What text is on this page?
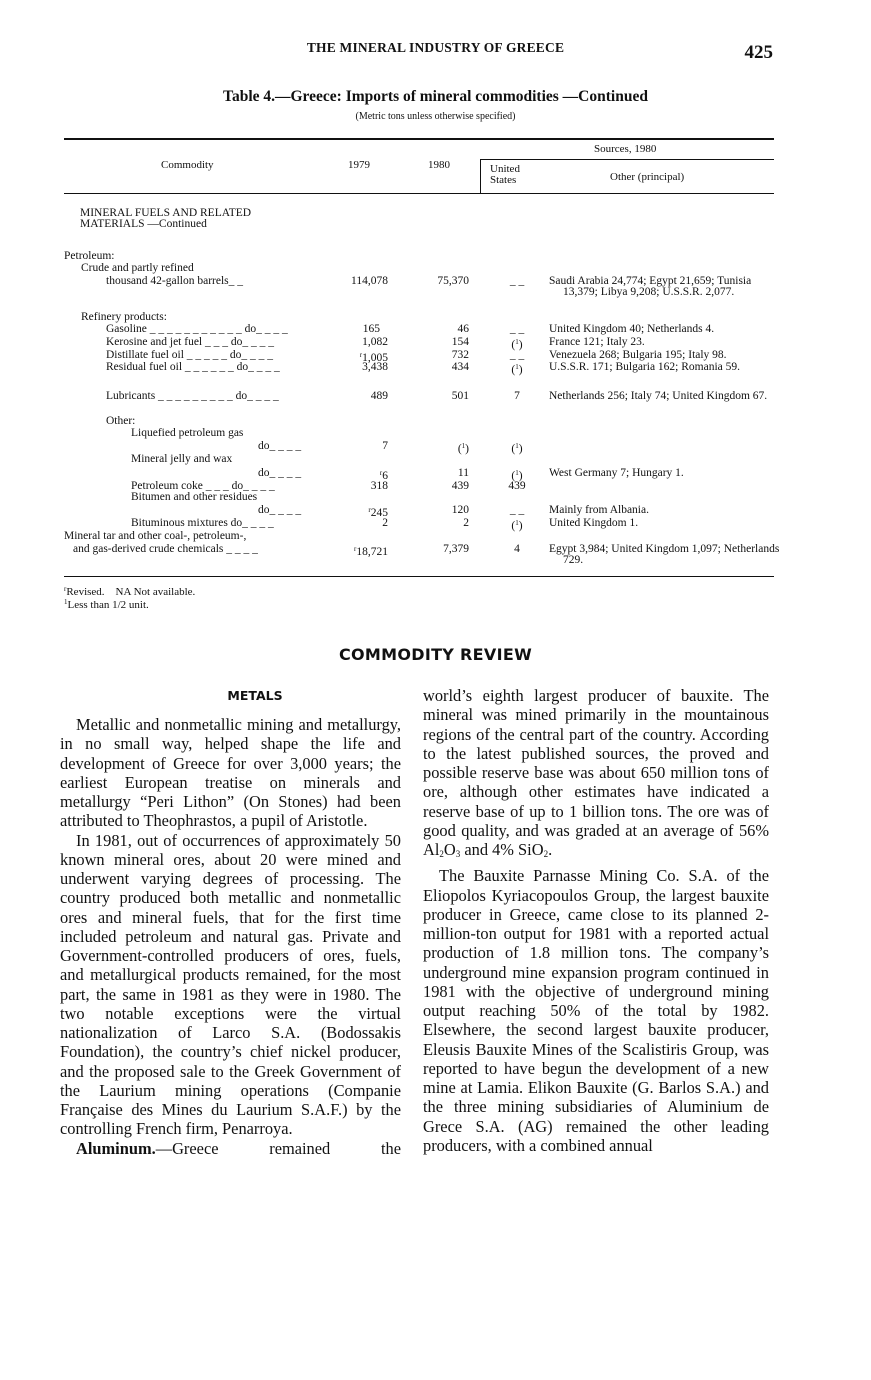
THE MINERAL INDUSTRY OF GREECE	425
Table 4.—Greece: Imports of mineral commodities —Continued
(Metric tons unless otherwise specified)
Commodity	1979	1980
Sources, 1980
United States	Other (principal)
MINERAL FUELS AND RELATED MATERIALS —Continued
Petroleum:
Crude and partly refined
thousand 42-gallon barrels_ _	114,078	75,370	_ _	Saudi Arabia 24,774; Egypt 21,659; Tunisia 13,379; Libya 9,208; U.S.S.R. 2,077.
Refinery products:
Gasoline _ _ _ _ _ _ _ _ _ _ _ do_ _ _ _	165	46	_ _	United Kingdom 40; Netherlands 4.
Kerosine and jet fuel _ _ _ do_ _ _ _	1,082	154	($^1$)	France 121; Italy 23.
Distillate fuel oil _ _ _ _ _ do_ _ _ _	$^r$1,005	732	_ _	Venezuela 268; Bulgaria 195; Italy 98.
Residual fuel oil _ _ _ _ _ _ do_ _ _ _	3,438	434	($^1$)	U.S.S.R. 171; Bulgaria 162; Romania 59.
Lubricants _ _ _ _ _ _ _ _ _ do_ _ _ _	489	501	7	Netherlands 256; Italy 74; United Kingdom 67.
Other:
Liquefied petroleum gas
do_ _ _ _	7	($^1$)	($^1$)
Mineral jelly and wax
do_ _ _ _	$^r$6	11	($^1$)	West Germany 7; Hungary 1.
Petroleum coke _ _ _ do_ _ _ _	318	439	439
Bitumen and other residues
do_ _ _ _	$^r$245	120	_ _	Mainly from Albania.
Bituminous mixtures do_ _ _ _	2	2	($^1$)	United Kingdom 1.
Mineral tar and other coal-, petroleum-,
and gas-derived crude chemicals _ _ _ _	$^r$18,721	7,379	4	Egypt 3,984; United Kingdom 1,097; Netherlands 729.
$^r$Revised.    NA Not available.
$^1$Less than 1/2 unit.
COMMODITY REVIEW
METALS

Metallic and nonmetallic mining and metallurgy, in no small way, helped shape the life and development of Greece for over 3,000 years; the earliest European treatise on minerals and metallurgy “Peri Lithon” (On Stones) had been attributed to Theophrastos, a pupil of Aristotle.

In 1981, out of occurrences of approximately 50 known mineral ores, about 20 were mined and underwent varying degrees of processing. The country produced both metallic and nonmetallic ores and mineral fuels, that for the first time included petroleum and natural gas. Private and Government-controlled producers of ores, fuels, and metallurgical products remained, for the most part, the same in 1981 as they were in 1980. The two notable exceptions were the virtual nationalization of Larco S.A. (Bodossakis Foundation), the country’s chief nickel producer, and the proposed sale to the Greek Government of the Laurium mining operations (Companie Française des Mines du Laurium S.A.F.) by the controlling French firm, Penarroya.

Aluminum.—Greece remained the

world’s eighth largest producer of bauxite. The mineral was mined primarily in the mountainous regions of the central part of the country. According to the latest published sources, the proved and possible reserve base was about 650 million tons of ore, although other estimates have indicated a reserve base of up to 1 billion tons. The ore was of good quality, and was graded at an average of 56% $Al_2O_3$ and 4% SiO$_2$.

The Bauxite Parnasse Mining Co. S.A. of the Eliopolos Kyriacopoulos Group, the largest bauxite producer in Greece, came close to its planned 2-million-ton output for 1981 with a reported actual production of 1.8 million tons. The company’s underground mine expansion program continued in 1981 with the objective of underground mining output reaching 50% of the total by 1982. Elsewhere, the second largest bauxite producer, Eleusis Bauxite Mines of the Scalistiris Group, was reported to have begun the development of a new mine at Lamia. Elikon Bauxite (G. Barlos S.A.) and the three mining subsidiaries of Aluminium de Grece S.A. (AG) remained the other leading producers, with a combined annual
